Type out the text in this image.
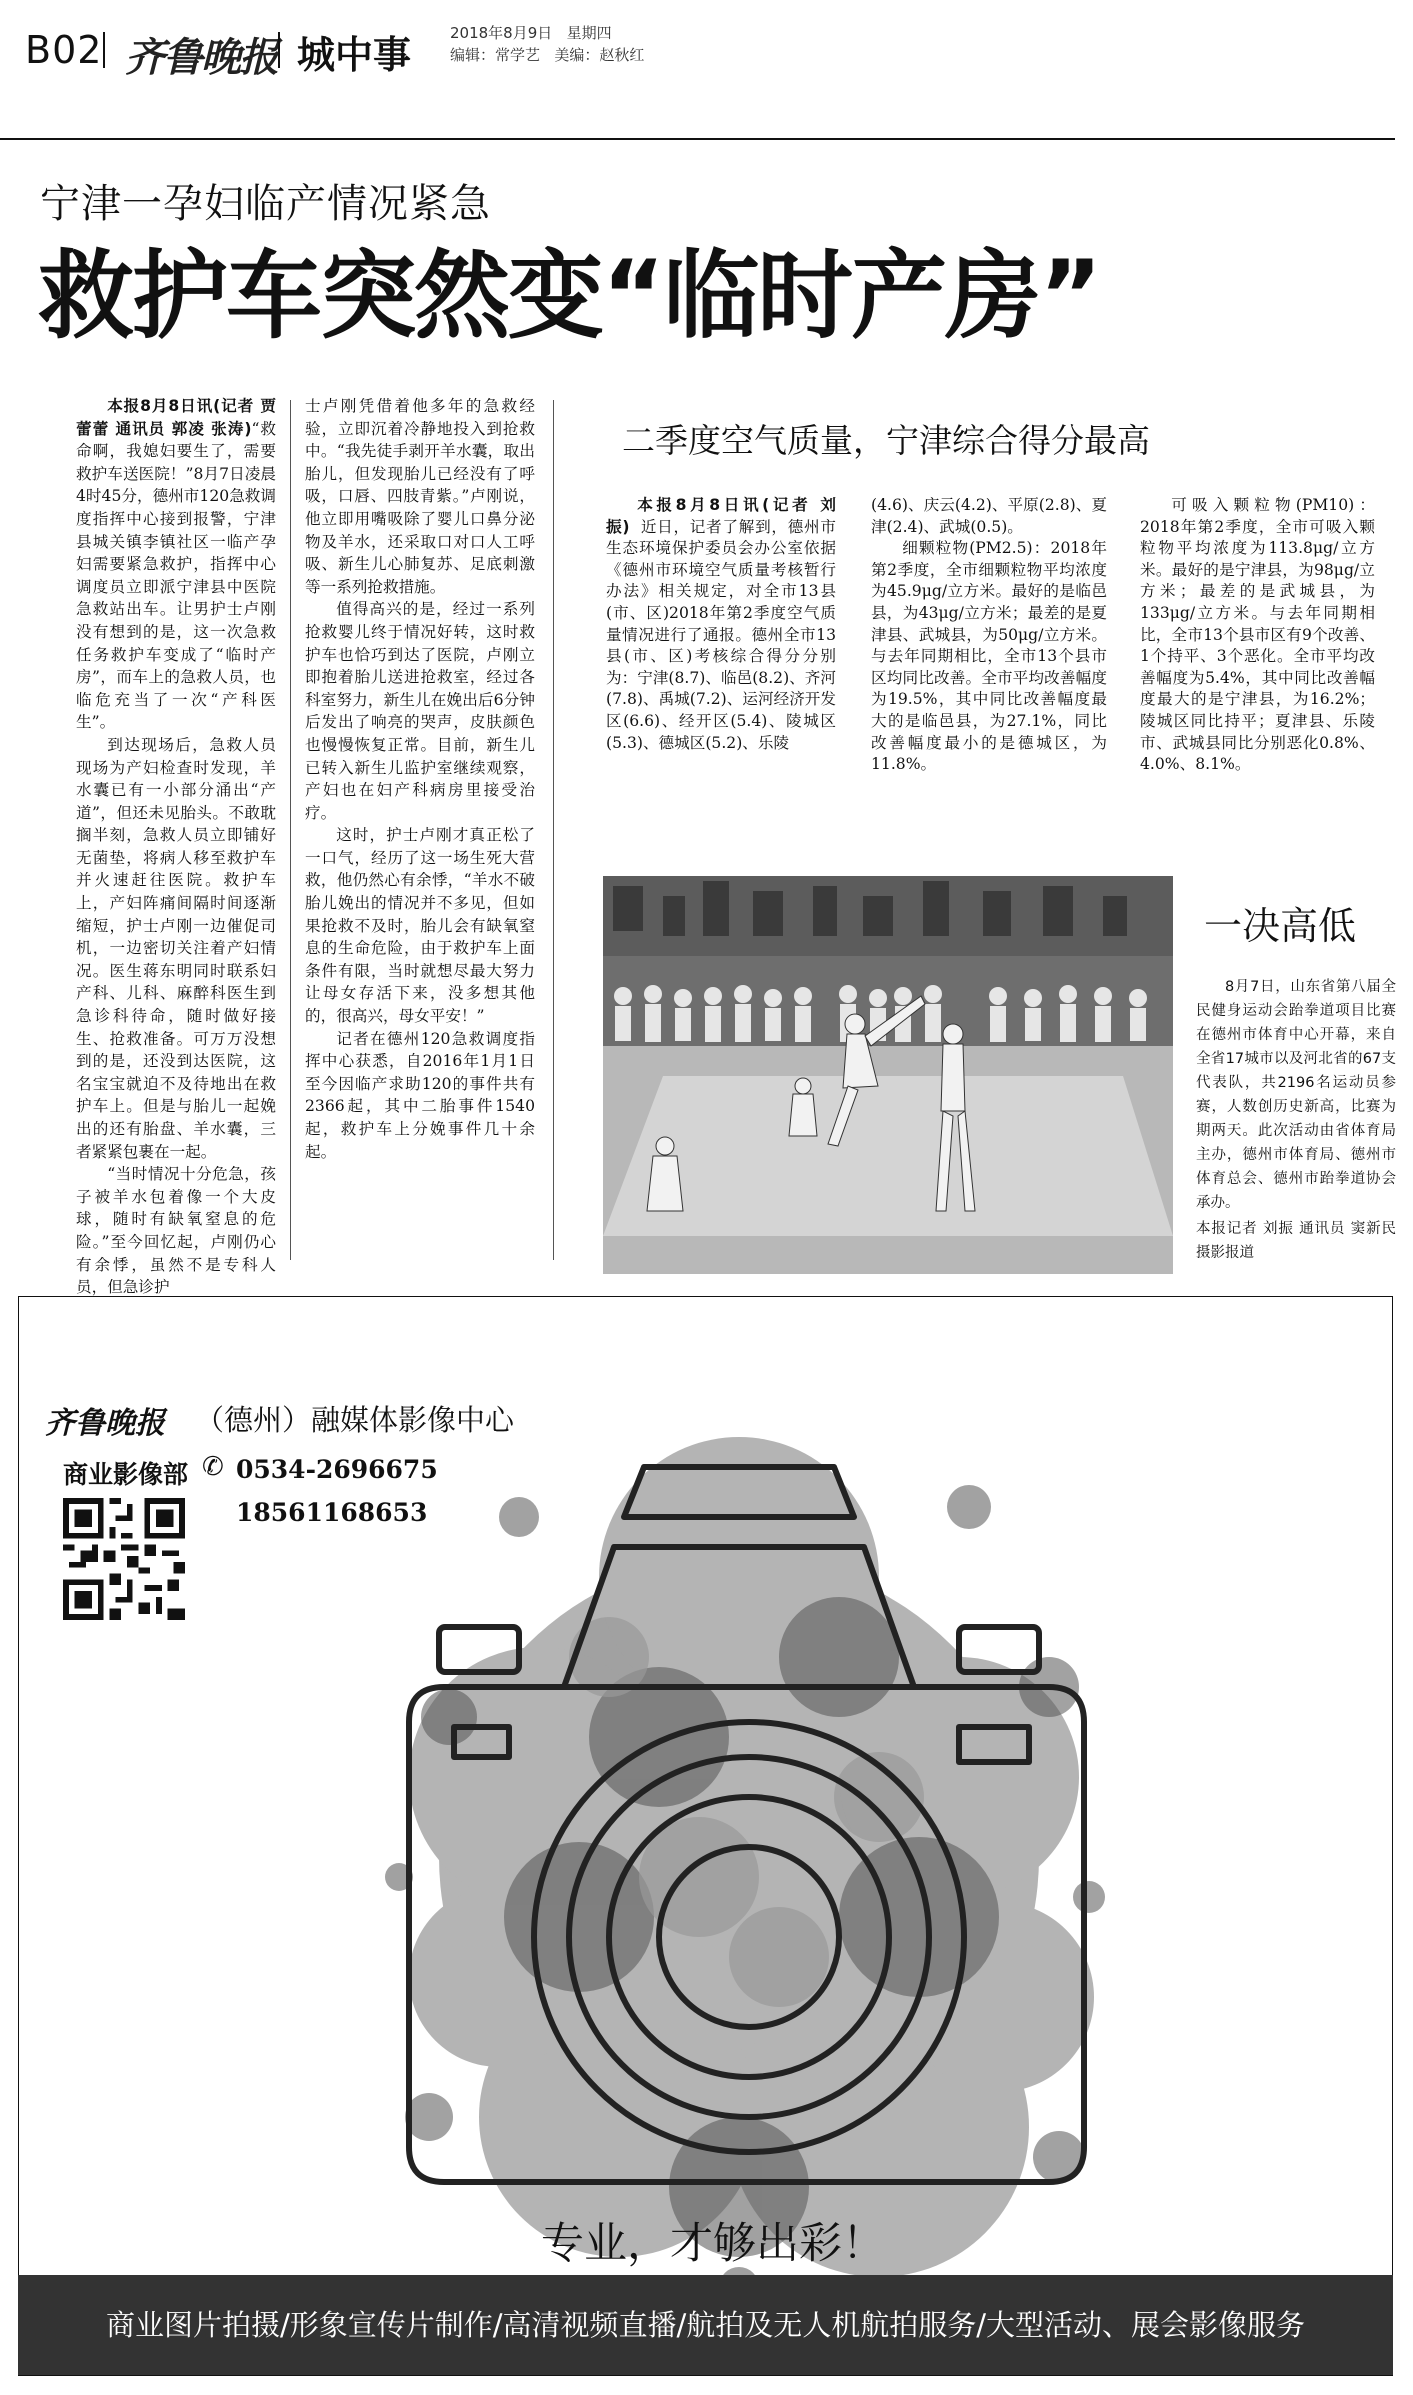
B02 齐鲁晚报 城中事	2018年8月9日 星期四
编辑：常学艺 美编：赵秋红
宁津一孕妇临产情况紧急
救护车突然变“临时产房”

本报8月8日讯(记者 贾蕾蕾 通讯员 郭凌 张涛)“救命啊，我媳妇要生了，需要救护车送医院！”8月7日凌晨4时45分，德州市120急救调度指挥中心接到报警，宁津县城关镇李镇社区一临产孕妇需要紧急救护，指挥中心调度员立即派宁津县中医院急救站出车。让男护士卢刚没有想到的是，这一次急救任务救护车变成了“临时产房”，而车上的急救人员，也临危充当了一次“产科医生”。

到达现场后，急救人员现场为产妇检查时发现，羊水囊已有一小部分涌出“产道”，但还未见胎头。不敢耽搁半刻，急救人员立即铺好无菌垫，将病人移至救护车并火速赶往医院。救护车上，产妇阵痛间隔时间逐渐缩短，护士卢刚一边催促司机，一边密切关注着产妇情况。医生蒋东明同时联系妇产科、儿科、麻醉科医生到急诊科待命，随时做好接生、抢救准备。可万万没想到的是，还没到达医院，这名宝宝就迫不及待地出在救护车上。但是与胎儿一起娩出的还有胎盘、羊水囊，三者紧紧包裹在一起。

“当时情况十分危急，孩子被羊水包着像一个大皮球，随时有缺氧窒息的危险。”至今回忆起，卢刚仍心有余悸，虽然不是专科人员，但急诊护

士卢刚凭借着他多年的急救经验，立即沉着冷静地投入到抢救中。“我先徒手剥开羊水囊，取出胎儿，但发现胎儿已经没有了呼吸，口唇、四肢青紫。”卢刚说，他立即用嘴吸除了婴儿口鼻分泌物及羊水，还采取口对口人工呼吸、新生儿心肺复苏、足底刺激等一系列抢救措施。

值得高兴的是，经过一系列抢救婴儿终于情况好转，这时救护车也恰巧到达了医院，卢刚立即抱着胎儿送进抢救室，经过各科室努力，新生儿在娩出后6分钟后发出了响亮的哭声，皮肤颜色也慢慢恢复正常。目前，新生儿已转入新生儿监护室继续观察，产妇也在妇产科病房里接受治疗。

这时，护士卢刚才真正松了一口气，经历了这一场生死大营救，他仍然心有余悸，“羊水不破胎儿娩出的情况并不多见，但如果抢救不及时，胎儿会有缺氧窒息的生命危险，由于救护车上面条件有限，当时就想尽最大努力让母女存活下来，没多想其他的，很高兴，母女平安！”

记者在德州120急救调度指挥中心获悉，自2016年1月1日至今因临产求助120的事件共有2366起，其中二胎事件1540起，救护车上分娩事件几十余起。

二季度空气质量，宁津综合得分最高

本报8月8日讯(记者 刘振) 近日，记者了解到，德州市生态环境保护委员会办公室依据《德州市环境空气质量考核暂行办法》相关规定，对全市13县(市、区)2018年第2季度空气质量情况进行了通报。德州全市13县(市、区)考核综合得分分别为：宁津(8.7)、临邑(8.2)、齐河(7.8)、禹城(7.2)、运河经济开发区(6.6)、经开区(5.4)、陵城区(5.3)、德城区(5.2)、乐陵

(4.6)、庆云(4.2)、平原(2.8)、夏津(2.4)、武城(0.5)。

细颗粒物(PM2.5)：2018年第2季度，全市细颗粒物平均浓度为45.9μg/立方米。最好的是临邑县，为43μg/立方米；最差的是夏津县、武城县，为50μg/立方米。与去年同期相比，全市13个县市区均同比改善。全市平均改善幅度为19.5%，其中同比改善幅度最大的是临邑县，为27.1%，同比改善幅度最小的是德城区，为11.8%。

可吸入颗粒物(PM10)：2018年第2季度，全市可吸入颗粒物平均浓度为113.8μg/立方米。最好的是宁津县，为98μg/立方米；最差的是武城县，为133μg/立方米。与去年同期相比，全市13个县市区有9个改善、1个持平、3个恶化。全市平均改善幅度为5.4%，其中同比改善幅度最大的是宁津县，为16.2%；陵城区同比持平；夏津县、乐陵市、武城县同比分别恶化0.8%、4.0%、8.1%。

一决高低

8月7日，山东省第八届全民健身运动会跆拳道项目比赛在德州市体育中心开幕，来自全省17城市以及河北省的67支代表队，共2196名运动员参赛，人数创历史新高，比赛为期两天。此次活动由省体育局主办，德州市体育局、德州市体育总会、德州市跆拳道协会承办。

本报记者 刘振 通讯员 窦新民 摄影报道

齐鲁晚报 （德州）融媒体影像中心
商业影像部 ✆ 0534-2696675
18561168653
专业，才够出彩！
商业图片拍摄/形象宣传片制作/高清视频直播/航拍及无人机航拍服务/大型活动、展会影像服务
